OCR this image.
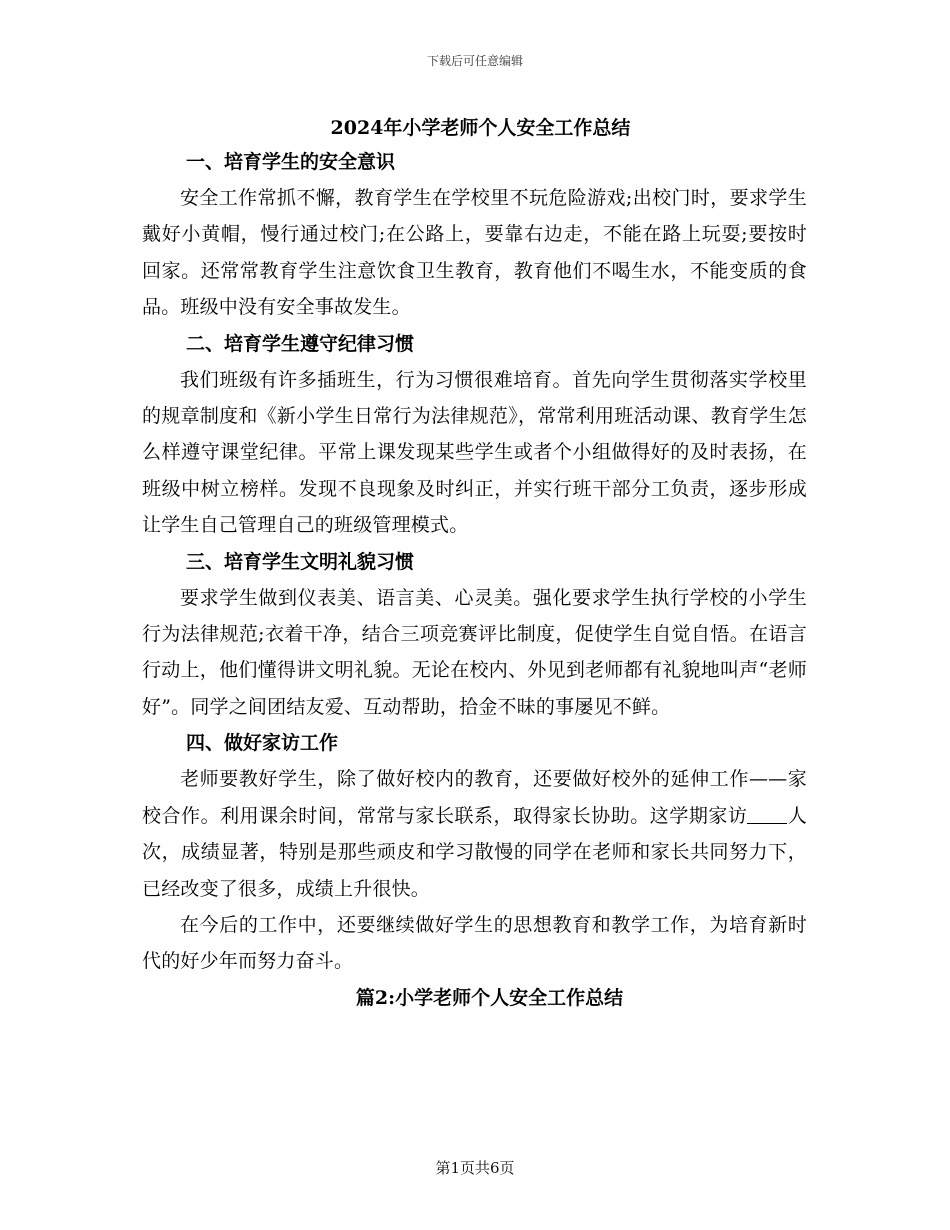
下载后可任意编辑
2024年小学老师个人安全工作总结
一、培育学生的安全意识

安全工作常抓不懈，教育学生在学校里不玩危险游戏;出校门时，要求学生戴好小黄帽，慢行通过校门;在公路上，要靠右边走，不能在路上玩耍;要按时回家。还常常教育学生注意饮食卫生教育，教育他们不喝生水，不能变质的食品。班级中没有安全事故发生。

二、培育学生遵守纪律习惯

我们班级有许多插班生，行为习惯很难培育。首先向学生贯彻落实学校里的规章制度和《新小学生日常行为法律规范》，常常利用班活动课、教育学生怎么样遵守课堂纪律。平常上课发现某些学生或者个小组做得好的及时表扬，在班级中树立榜样。发现不良现象及时纠正，并实行班干部分工负责，逐步形成让学生自己管理自己的班级管理模式。

三、培育学生文明礼貌习惯

要求学生做到仪表美、语言美、心灵美。强化要求学生执行学校的小学生行为法律规范;衣着干净，结合三项竞赛评比制度，促使学生自觉自悟。在语言行动上，他们懂得讲文明礼貌。无论在校内、外见到老师都有礼貌地叫声“老师好”。同学之间团结友爱、互动帮助，拾金不昧的事屡见不鲜。

四、做好家访工作

老师要教好学生，除了做好校内的教育，还要做好校外的延伸工作——家校合作。利用课余时间，常常与家长联系，取得家长协助。这学期家访 人次，成绩显著，特别是那些顽皮和学习散慢的同学在老师和家长共同努力下，已经改变了很多，成绩上升很快。

在今后的工作中，还要继续做好学生的思想教育和教学工作，为培育新时代的好少年而努力奋斗。

篇2:小学老师个人安全工作总结
第1页共6页
